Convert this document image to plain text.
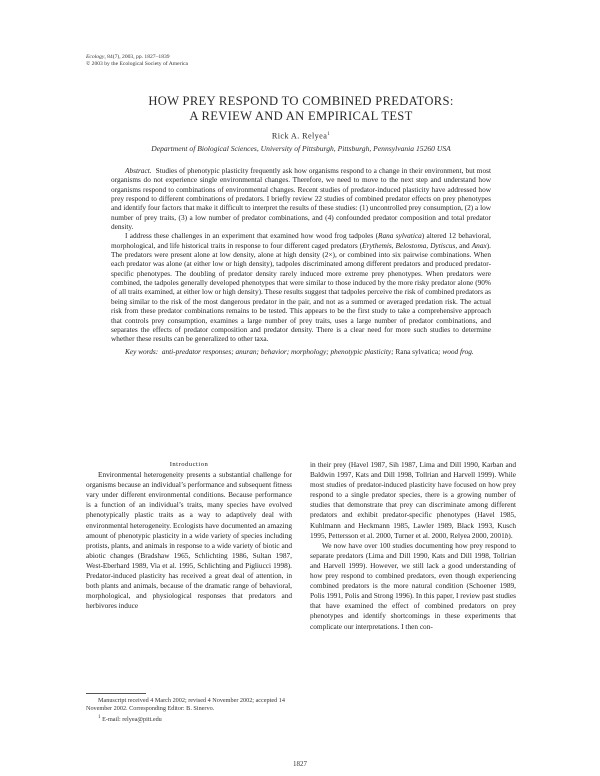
Ecology, 84(7), 2003, pp. 1827–1839
© 2003 by the Ecological Society of America
HOW PREY RESPOND TO COMBINED PREDATORS:
A REVIEW AND AN EMPIRICAL TEST
Rick A. Relyea$^1$
Department of Biological Sciences, University of Pittsburgh, Pittsburgh, Pennsylvania 15260 USA

Abstract. Studies of phenotypic plasticity frequently ask how organisms respond to a change in their environment, but most organisms do not experience single environmental changes. Therefore, we need to move to the next step and understand how organisms respond to combinations of environmental changes. Recent studies of predator-induced plasticity have addressed how prey respond to different combinations of predators. I briefly review 22 studies of combined predator effects on prey phenotypes and identify four factors that make it difficult to interpret the results of these studies: (1) uncontrolled prey consumption, (2) a low number of prey traits, (3) a low number of predator combinations, and (4) confounded predator composition and total predator density.

I address these challenges in an experiment that examined how wood frog tadpoles (Rana sylvatica) altered 12 behavioral, morphological, and life historical traits in response to four different caged predators (Erythemis, Belostoma, Dytiscus, and Anax). The predators were present alone at low density, alone at high density (2×), or combined into six pairwise combinations. When each predator was alone (at either low or high density), tadpoles discriminated among different predators and produced predator-specific phenotypes. The doubling of predator density rarely induced more extreme prey phenotypes. When predators were combined, the tadpoles generally developed phenotypes that were similar to those induced by the more risky predator alone (90% of all traits examined, at either low or high density). These results suggest that tadpoles perceive the risk of combined predators as being similar to the risk of the most dangerous predator in the pair, and not as a summed or averaged predation risk. The actual risk from these predator combinations remains to be tested. This appears to be the first study to take a comprehensive approach that controls prey consumption, examines a large number of prey traits, uses a large number of predator combinations, and separates the effects of predator composition and predator density. There is a clear need for more such studies to determine whether these results can be generalized to other taxa.

Key words: anti-predator responses; anuran; behavior; morphology; phenotypic plasticity; Rana sylvatica; wood frog.

Introduction

Environmental heterogeneity presents a substantial challenge for organisms because an individual’s performance and subsequent fitness vary under different environmental conditions. Because performance is a function of an individual’s traits, many species have evolved phenotypically plastic traits as a way to adaptively deal with environmental heterogeneity. Ecologists have documented an amazing amount of phenotypic plasticity in a wide variety of species including protists, plants, and animals in response to a wide variety of biotic and abiotic changes (Bradshaw 1965, Schlichting 1986, Sultan 1987, West-Eberhard 1989, Via et al. 1995, Schlichting and Pigliucci 1998). Predator-induced plasticity has received a great deal of attention, in both plants and animals, because of the dramatic range of behavioral, morphological, and physiological responses that predators and herbivores induce

in their prey (Havel 1987, Sih 1987, Lima and Dill 1990, Karban and Baldwin 1997, Kats and Dill 1998, Tollrian and Harvell 1999). While most studies of predator-induced plasticity have focused on how prey respond to a single predator species, there is a growing number of studies that demonstrate that prey can discriminate among different predators and exhibit predator-specific phenotypes (Havel 1985, Kuhlmann and Heckmann 1985, Lawler 1989, Black 1993, Kusch 1995, Pettersson et al. 2000, Turner et al. 2000, Relyea 2000, 2001b).

We now have over 100 studies documenting how prey respond to separate predators (Lima and Dill 1990, Kats and Dill 1998, Tollrian and Harvell 1999). However, we still lack a good understanding of how prey respond to combined predators, even though experiencing combined predators is the more natural condition (Schoener 1989, Polis 1991, Polis and Strong 1996). In this paper, I review past studies that have examined the effect of combined predators on prey phenotypes and identify shortcomings in these experiments that complicate our interpretations. I then con-

Manuscript received 4 March 2002; revised 4 November 2002; accepted 14 November 2002. Corresponding Editor: B. Sinervo.

$^1$ E-mail: relyea@pitt.edu

1827
